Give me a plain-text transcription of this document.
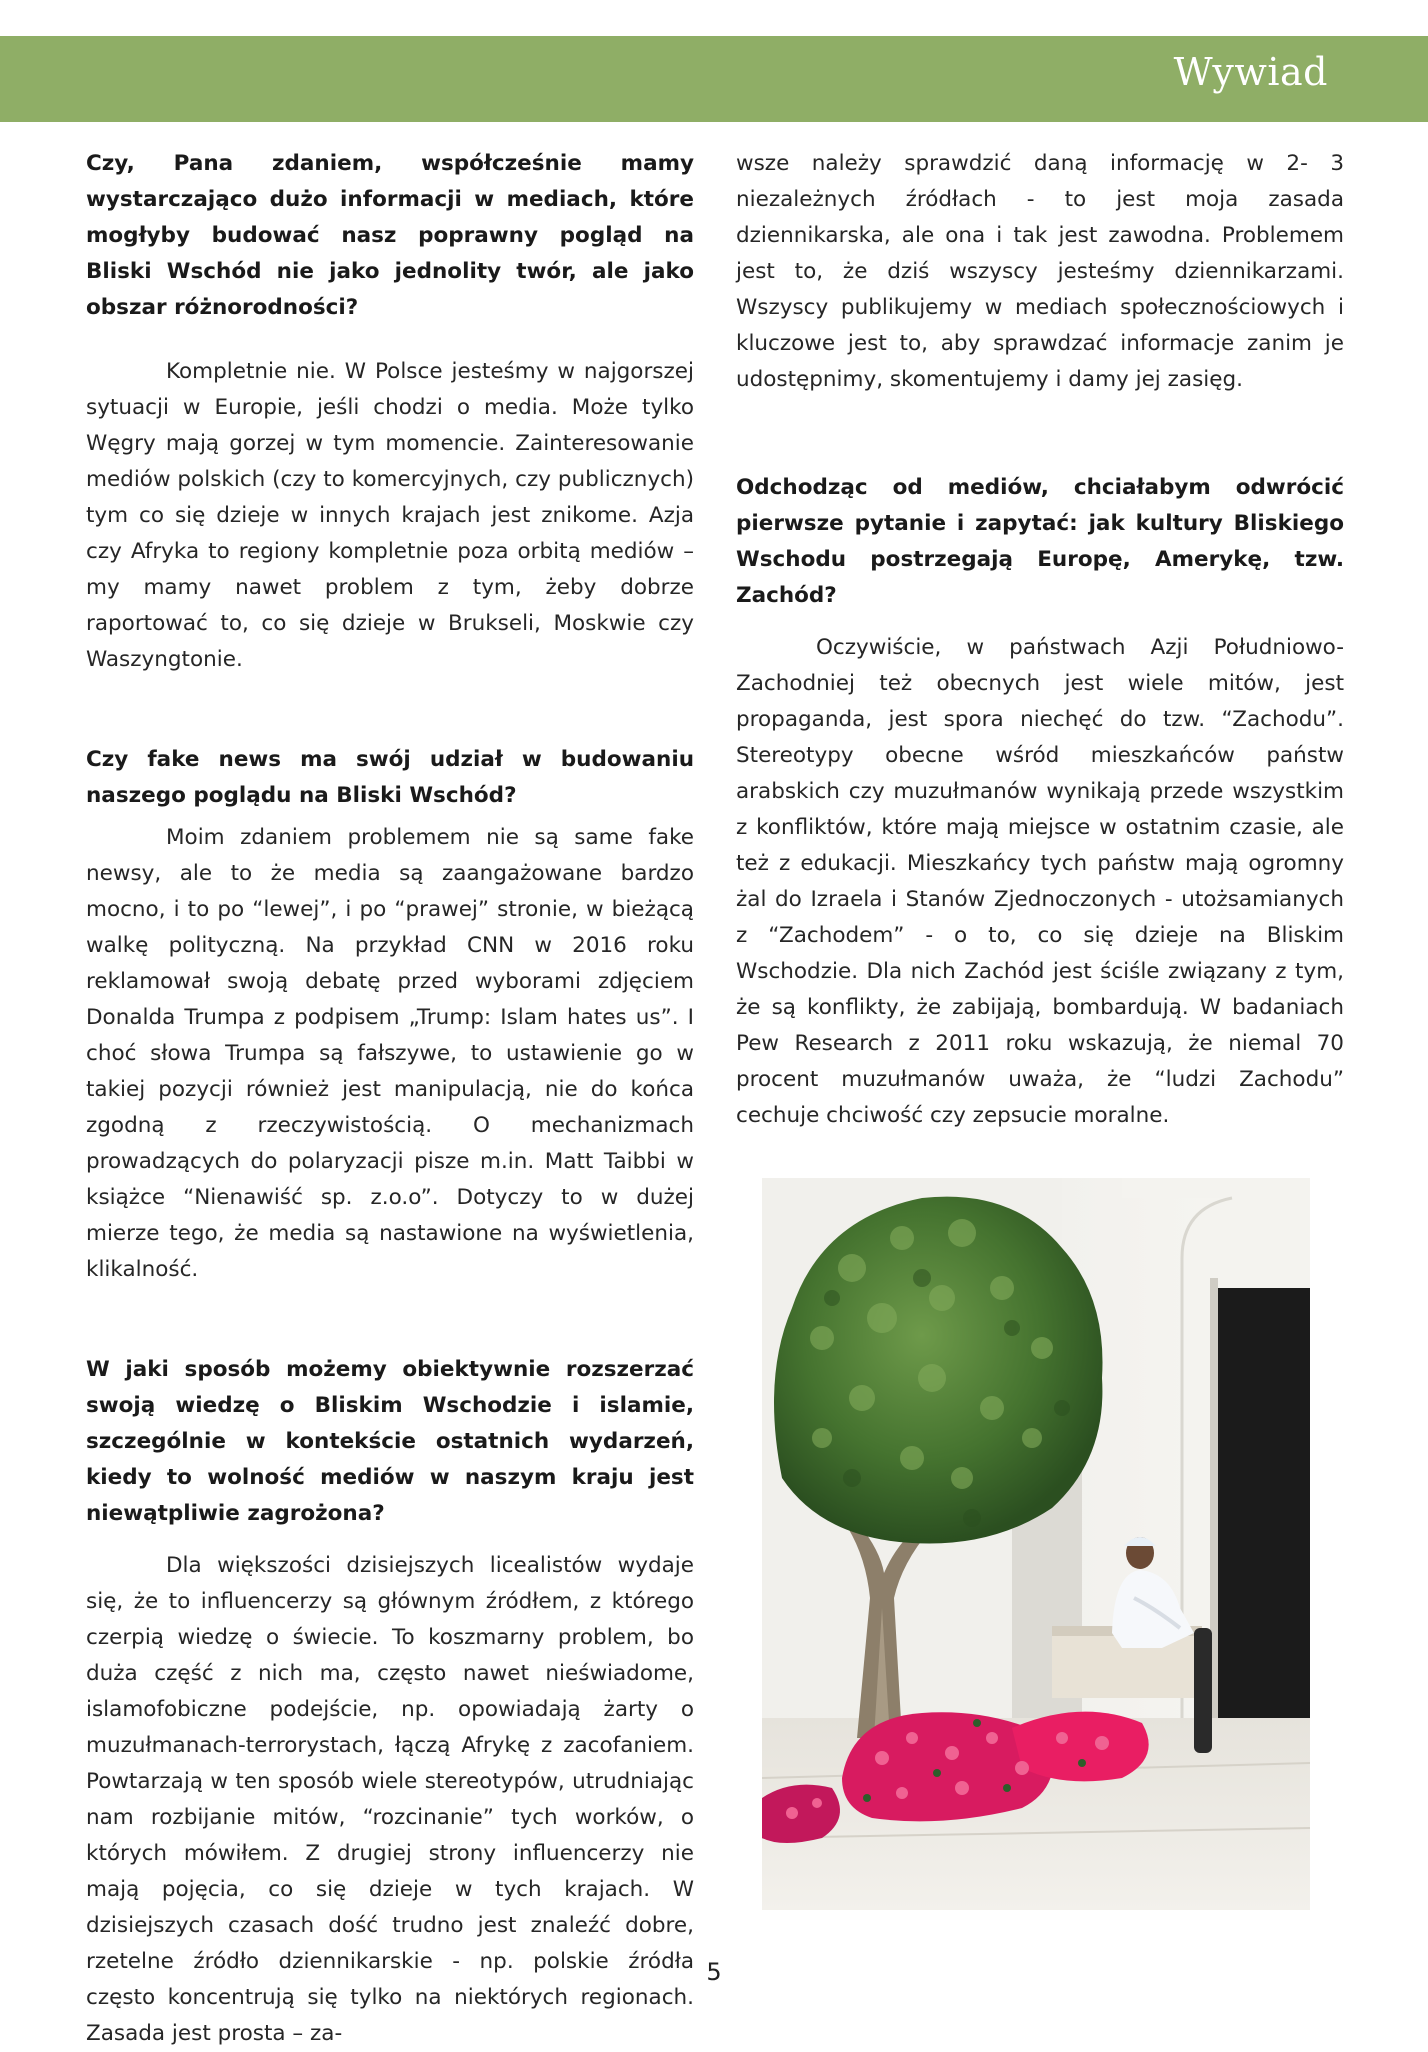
Wywiad

Czy, Pana zdaniem, współcześnie mamy wystarczająco dużo informacji w mediach, które mogłyby budować nasz poprawny pogląd na Bliski Wschód nie jako jednolity twór, ale jako obszar różnorodności?

Kompletnie nie. W Polsce jesteśmy w najgorszej sytuacji w Europie, jeśli chodzi o media. Może tylko Węgry mają gorzej w tym momencie. Zainteresowanie mediów polskich (czy to komercyjnych, czy publicznych) tym co się dzieje w innych krajach jest znikome. Azja czy Afryka to regiony kompletnie poza orbitą mediów – my mamy nawet problem z tym, żeby dobrze raportować to, co się dzieje w Brukseli, Moskwie czy Waszyngtonie.

Czy fake news ma swój udział w budowaniu naszego poglądu na Bliski Wschód?

Moim zdaniem problemem nie są same fake newsy, ale to że media są zaangażowane bardzo mocno, i to po “lewej”, i po “prawej” stronie, w bieżącą walkę polityczną. Na przykład CNN w 2016 roku reklamował swoją debatę przed wyborami zdjęciem Donalda Trumpa z podpisem „Trump: Islam hates us”. I choć słowa Trumpa są fałszywe, to ustawienie go w takiej pozycji również jest manipulacją, nie do końca zgodną z rzeczywistością. O mechanizmach prowadzących do polaryzacji pisze m.in. Matt Taibbi w książce “Nienawiść sp. z.o.o”. Dotyczy to w dużej mierze tego, że media są nastawione na wyświetlenia, klikalność.

W jaki sposób możemy obiektywnie rozszerzać swoją wiedzę o Bliskim Wschodzie i islamie, szczególnie w kontekście ostatnich wydarzeń, kiedy to wolność mediów w naszym kraju jest niewątpliwie zagrożona?

Dla większości dzisiejszych licealistów wydaje się, że to influencerzy są głównym źródłem, z którego czerpią wiedzę o świecie. To koszmarny problem, bo duża część z nich ma, często nawet nieświadome, islamofobiczne podejście, np. opowiadają żarty o muzułmanach-terrorystach, łączą Afrykę z zacofaniem. Powtarzają w ten sposób wiele stereotypów, utrudniając nam rozbijanie mitów, “rozcinanie” tych worków, o których mówiłem. Z drugiej strony influencerzy nie mają pojęcia, co się dzieje w tych krajach. W dzisiejszych czasach dość trudno jest znaleźć dobre, rzetelne źródło dziennikarskie - np. polskie źródła często koncentrują się tylko na niektórych regionach. Zasada jest prosta – za-

wsze należy sprawdzić daną informację w 2- 3 niezależnych źródłach - to jest moja zasada dziennikarska, ale ona i tak jest zawodna. Problemem jest to, że dziś wszyscy jesteśmy dziennikarzami. Wszyscy publikujemy w mediach społecznościowych i kluczowe jest to, aby sprawdzać informacje zanim je udostępnimy, skomentujemy i damy jej zasięg.

Odchodząc od mediów, chciałabym odwrócić pierwsze pytanie i zapytać: jak kultury Bliskiego Wschodu postrzegają Europę, Amerykę, tzw. Zachód?

Oczywiście, w państwach Azji Południowo-Zachodniej też obecnych jest wiele mitów, jest propaganda, jest spora niechęć do tzw. “Zachodu”. Stereotypy obecne wśród mieszkańców państw arabskich czy muzułmanów wynikają przede wszystkim z konfliktów, które mają miejsce w ostatnim czasie, ale też z edukacji. Mieszkańcy tych państw mają ogromny żal do Izraela i Stanów Zjednoczonych - utożsamianych z “Zachodem” - o to, co się dzieje na Bliskim Wschodzie. Dla nich Zachód jest ściśle związany z tym, że są konflikty, że zabijają, bombardują. W badaniach Pew Research z 2011 roku wskazują, że niemal 70 procent muzułmanów uważa, że “ludzi Zachodu” cechuje chciwość czy zepsucie moralne.

5
